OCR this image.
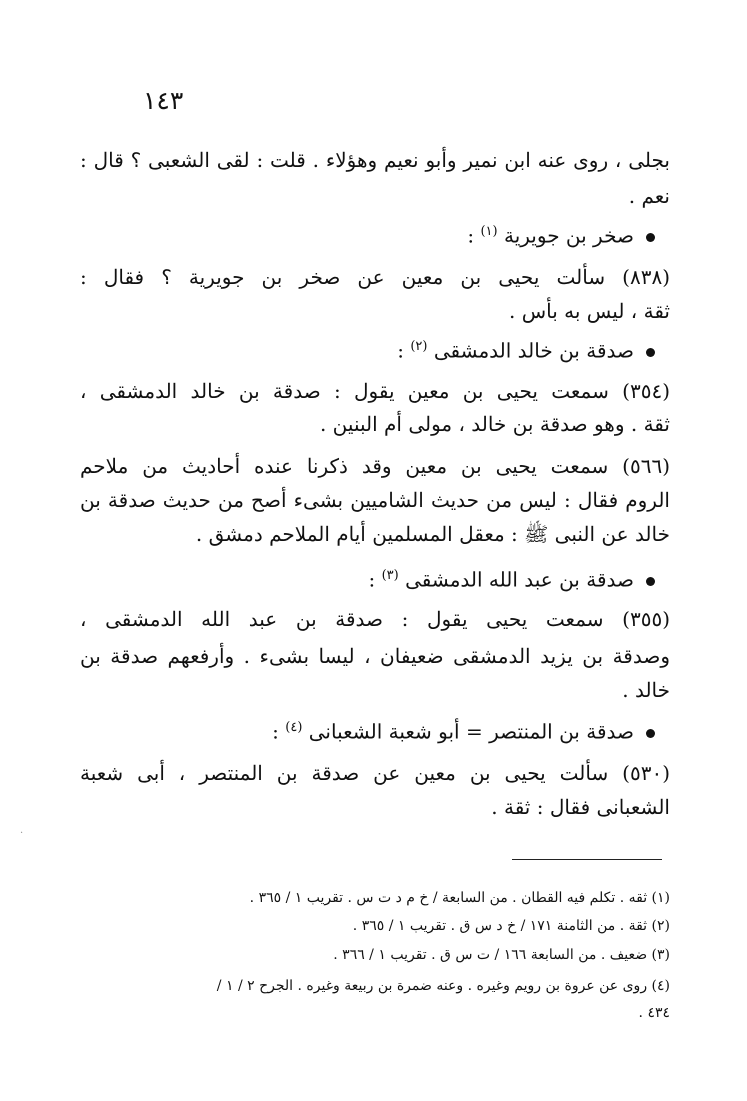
١٤٣
بجلى ، روى عنه ابن نمير وأبو نعيم وهؤلاء . قلت : لقى الشعبى ؟ قال :
نعم .
صخر بن جويرية $^{(١)}$ :
(٨٣٨) سألت يحيى بن معين عن صخر بن جويرية ؟ فقال :
ثقة ، ليس به بأس .
صدقة بن خالد الدمشقى $^{(٢)}$ :
(٣٥٤) سمعت يحيى بن معين يقول : صدقة بن خالد الدمشقى ،
ثقة . وهو صدقة بن خالد ، مولى أم البنين .
(٥٦٦) سمعت يحيى بن معين وقد ذكرنا عنده أحاديث من ملاحم
الروم فقال : ليس من حديث الشاميين بشىء أصح من حديث صدقة بن
خالد عن النبى ﷺ : معقل المسلمين أيام الملاحم دمشق .
صدقة بن عبد الله الدمشقى $^{(٣)}$ :
(٣٥٥) سمعت يحيى يقول : صدقة بن عبد الله الدمشقى ،
وصدقة بن يزيد الدمشقى ضعيفان ، ليسا بشىء . وأرفعهم صدقة بن
خالد .
صدقة بن المنتصر = أبو شعبة الشعبانى $^{(٤)}$ :
(٥٣٠) سألت يحيى بن معين عن صدقة بن المنتصر ، أبى شعبة
الشعبانى فقال : ثقة .
·
(١) ثقه . تكلم فيه القطان . من السابعة / خ م د ت س . تقريب ١ / ٣٦٥ .
(٢) ثقة . من الثامنة ١٧١ / خ د س ق . تقريب ١ / ٣٦٥ .
(٣) ضعيف . من السابعة ١٦٦ / ت س ق . تقريب ١ / ٣٦٦ .
(٤) روى عن عروة بن رويم وغيره . وعنه ضمرة بن ربيعة وغيره . الجرح ٢ / ١ /
٤٣٤ .
